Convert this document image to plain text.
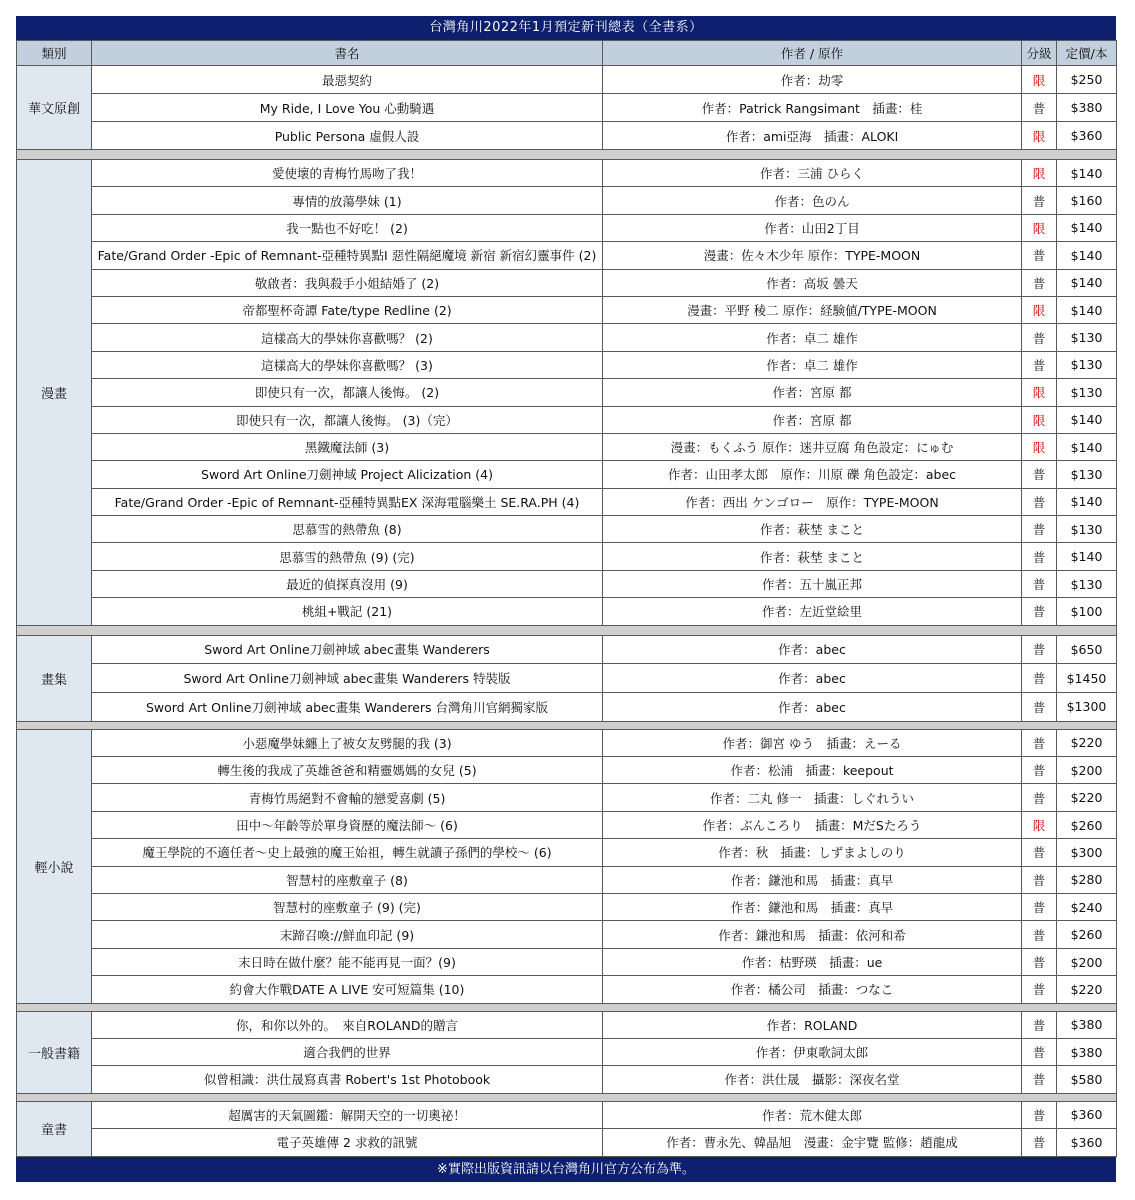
台灣角川2022年1月預定新刊總表（全書系）
類別	書名	作者 / 原作	分級	定價/本
華文原創	最惡契約	作者：劫零	限	$250
	My Ride, I Love You 心動騎遇	作者：Patrick Rangsimant　插畫：桂	普	$380
	Public Persona 虛假人設	作者：ami亞海　插畫：ALOKI	限	$360

漫畫	愛使壞的青梅竹馬吻了我！	作者：三浦 ひらく	限	$140
	專情的放蕩學妹 (1)	作者：色のん	普	$160
	我一點也不好吃！ (2)	作者：山田2丁目	限	$140
	Fate/Grand Order -Epic of Remnant-亞種特異點Ⅰ 惡性隔絕魔境 新宿 新宿幻靈事件 (2)	漫畫：佐々木少年 原作：TYPE-MOON	普	$140
	敬啟者：我與殺手小姐結婚了 (2)	作者：高坂 曇天	普	$140
	帝都聖杯奇譚 Fate/type Redline (2)	漫畫：平野 稜二 原作：経験値/TYPE-MOON	限	$140
	這樣高大的學妹你喜歡嗎？ (2)	作者：卓二 雄作	普	$130
	這樣高大的學妹你喜歡嗎？ (3)	作者：卓二 雄作	普	$130
	即使只有一次，都讓人後悔。 (2)	作者：宮原 都	限	$130
	即使只有一次，都讓人後悔。 (3)（完）	作者：宮原 都	限	$140
	黑鐵魔法師 (3)	漫畫：もくふう 原作：迷井豆腐 角色設定：にゅむ	限	$140
	Sword Art Online刀劍神域 Project Alicization (4)	作者：山田孝太郎　原作：川原 礫 角色設定：abec	普	$130
	Fate/Grand Order -Epic of Remnant-亞種特異點EX 深海電腦樂土 SE.RA.PH (4)	作者：西出 ケンゴロー　原作：TYPE-MOON	普	$140
	思慕雪的熱帶魚 (8)	作者：萩埜 まこと	普	$130
	思慕雪的熱帶魚 (9) (完)	作者：萩埜 まこと	普	$140
	最近的偵探真沒用 (9)	作者：五十嵐正邦	普	$130
	桃組+戰記 (21)	作者：左近堂絵里	普	$100

畫集	Sword Art Online刀劍神域 abec畫集 Wanderers	作者：abec	普	$650
	Sword Art Online刀劍神域 abec畫集 Wanderers 特裝版	作者：abec	普	$1450
	Sword Art Online刀劍神域 abec畫集 Wanderers 台灣角川官網獨家版	作者：abec	普	$1300

輕小說	小惡魔學妹纏上了被女友劈腿的我 (3)	作者：御宮 ゆう　插畫：えーる	普	$220
	轉生後的我成了英雄爸爸和精靈媽媽的女兒 (5)	作者：松浦　插畫：keepout	普	$200
	青梅竹馬絕對不會輸的戀愛喜劇 (5)	作者：二丸 修一　插畫：しぐれうい	普	$220
	田中～年齡等於單身資歷的魔法師～ (6)	作者：ぶんころり　插畫：MだSたろう	限	$260
	魔王學院的不適任者～史上最強的魔王始祖，轉生就讀子孫們的學校～ (6)	作者：秋　插畫：しずまよしのり	普	$300
	智慧村的座敷童子 (8)	作者：鎌池和馬　插畫：真早	普	$280
	智慧村的座敷童子 (9) (完)	作者：鎌池和馬　插畫：真早	普	$240
	末蹄召喚://鮮血印記 (9)	作者：鎌池和馬　插畫：依河和希	普	$260
	末日時在做什麼？能不能再見一面？(9)	作者：枯野瑛　插畫：ue	普	$200
	約會大作戰DATE A LIVE 安可短篇集 (10)	作者：橘公司　插畫：つなこ	普	$220

一般書籍	你，和你以外的。　來自ROLAND的贈言	作者：ROLAND	普	$380
	適合我們的世界	作者：伊東歌詞太郎	普	$380
	似曾相識：洪仕晟寫真書 Robert's 1st Photobook	作者：洪仕晟　攝影：深夜名堂	普	$580

童書	超厲害的天氣圖鑑：解開天空的一切奧祕！	作者：荒木健太郎	普	$360
	電子英雄傳 2 求救的訊號	作者：曹永先、韓晶旭　漫畫：金宇覽 監修：趙龍成	普	$360
※實際出版資訊請以台灣角川官方公布為準。
